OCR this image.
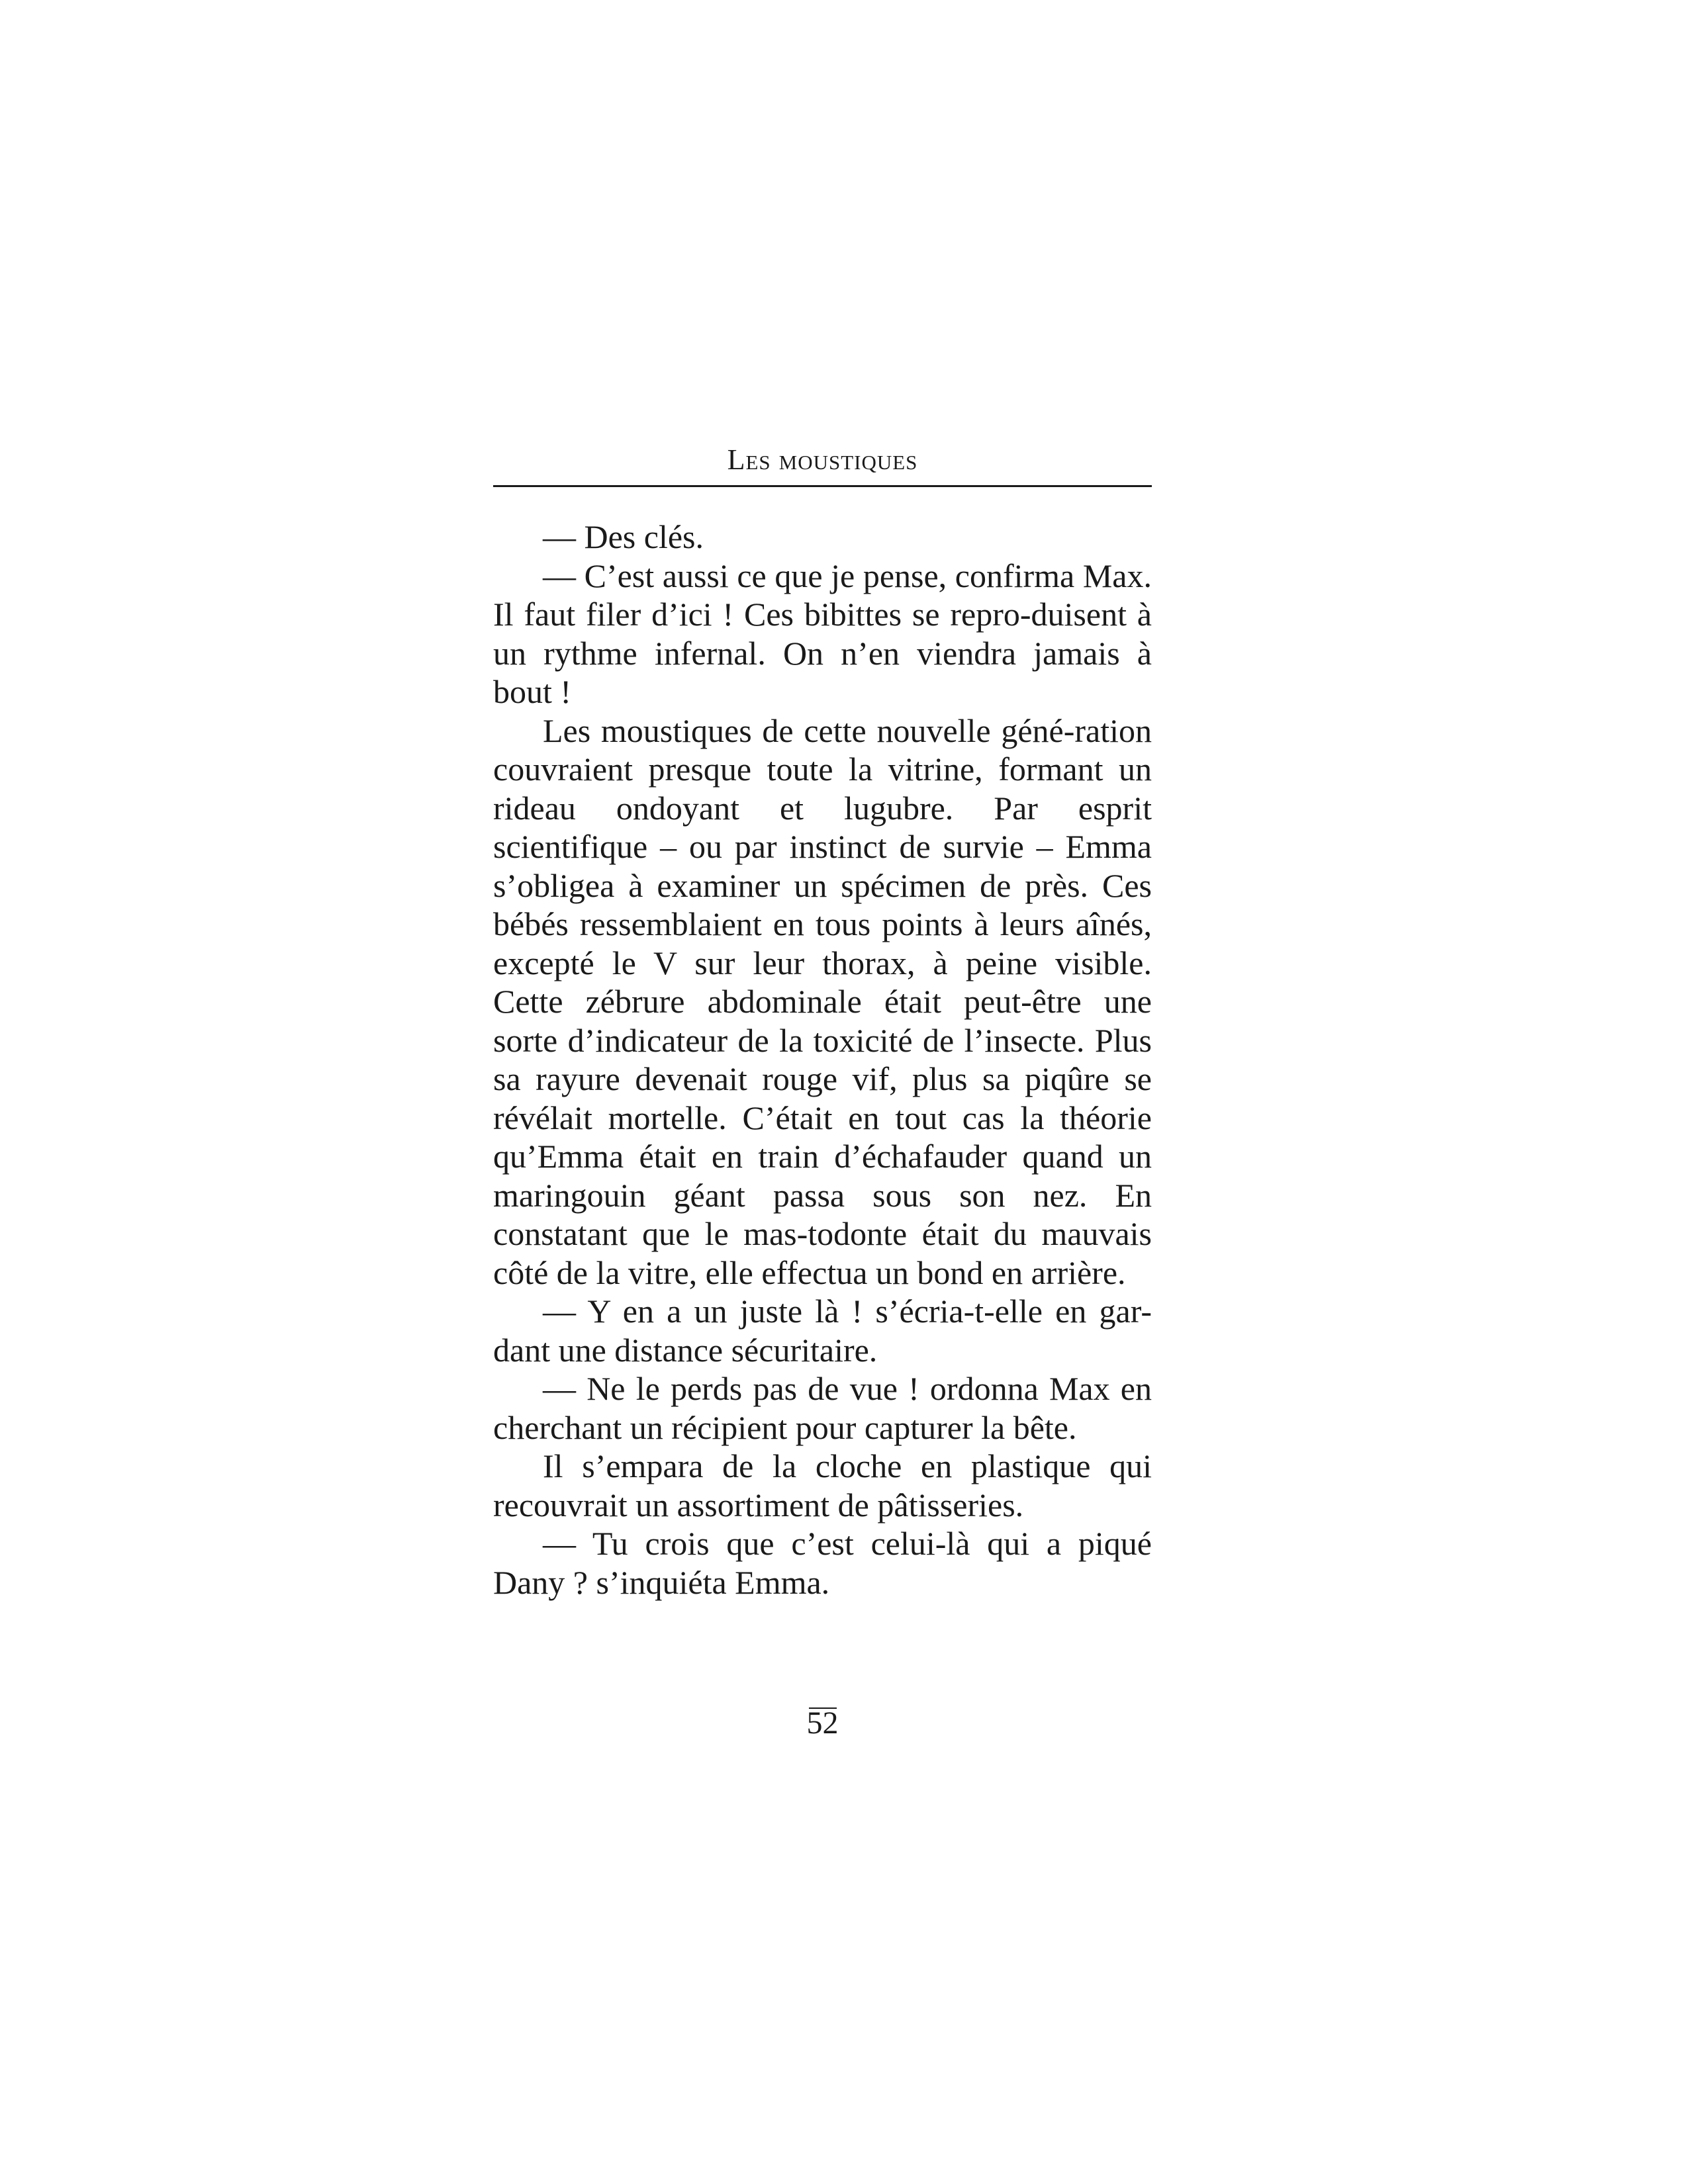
Les moustiques

— Des clés.

— C’est aussi ce que je pense, confirma Max. Il faut filer d’ici ! Ces bibittes se repro-duisent à un rythme infernal. On n’en viendra jamais à bout !

Les moustiques de cette nouvelle géné-ration couvraient presque toute la vitrine, formant un rideau ondoyant et lugubre. Par esprit scientifique – ou par instinct de survie – Emma s’obligea à examiner un spécimen de près. Ces bébés ressemblaient en tous points à leurs aînés, excepté le V sur leur thorax, à peine visible. Cette zébrure abdominale était peut-être une sorte d’indicateur de la toxicité de l’insecte. Plus sa rayure devenait rouge vif, plus sa piqûre se révélait mortelle. C’était en tout cas la théorie qu’Emma était en train d’échafauder quand un maringouin géant passa sous son nez. En constatant que le mas-todonte était du mauvais côté de la vitre, elle effectua un bond en arrière.

— Y en a un juste là ! s’écria-t-elle en gar-dant une distance sécuritaire.

— Ne le perds pas de vue ! ordonna Max en cherchant un récipient pour capturer la bête.

Il s’empara de la cloche en plastique qui recouvrait un assortiment de pâtisseries.

— Tu crois que c’est celui-là qui a piqué Dany ? s’inquiéta Emma.

52
